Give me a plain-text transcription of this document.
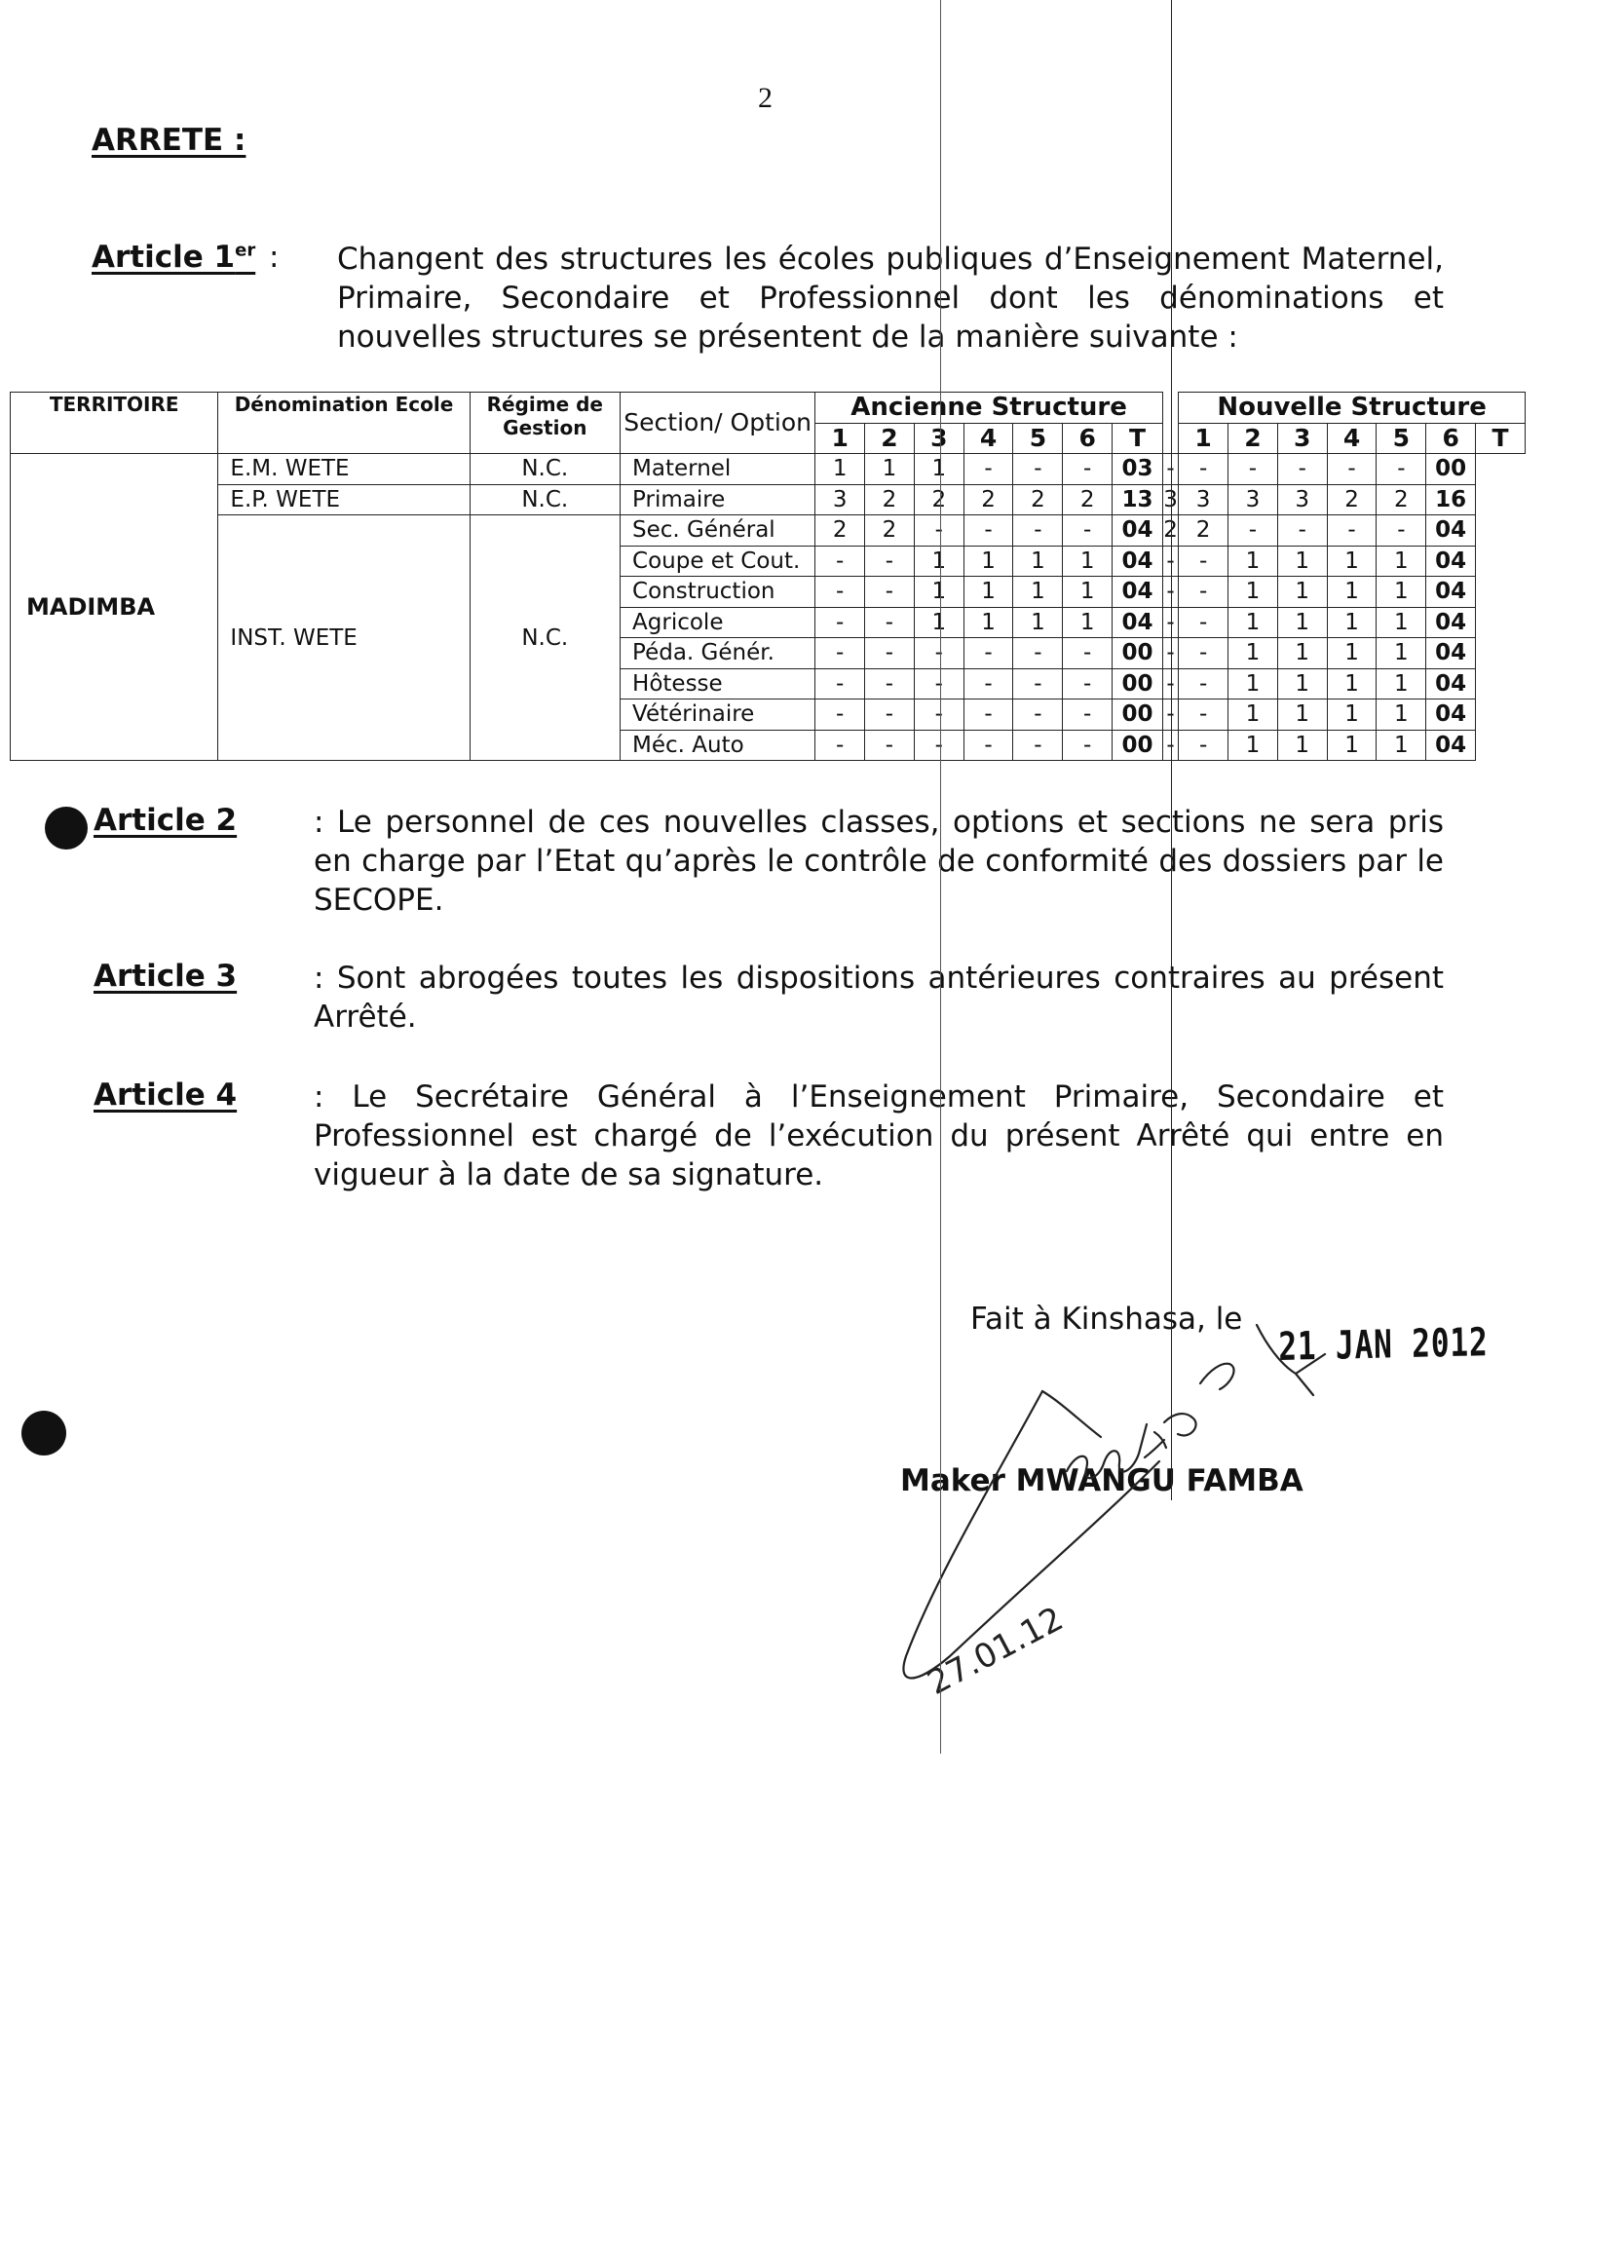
2
ARRETE :
Article 1er : Changent des structures les écoles publiques d’Enseignement Maternel, Primaire, Secondaire et Professionnel dont les dénominations et nouvelles structures se présentent de la manière suivante :
TERRITOIRE	Dénomination Ecole	Régime de Gestion	Section/ Option	Ancienne Structure								Nouvelle Structure						
				1	2	3	4	5	6	T		1	2	3	4	5	6	T
MADIMBA	E.M. WETE	N.C.	Maternel	1	1	1	-	-	-	03	-	-	-	-	-	-	00	
	E.P. WETE	N.C.	Primaire	3	2	2	2	2	2	13	3	3	3	3	2	2	16	
	INST. WETE	N.C.	Sec. Général	2	2	-	-	-	-	04	2	2	-	-	-	-	04	
			Coupe et Cout.	-	-	1	1	1	1	04	-	-	1	1	1	1	04	
			Construction	-	-	1	1	1	1	04	-	-	1	1	1	1	04	
			Agricole	-	-	1	1	1	1	04	-	-	1	1	1	1	04	
			Péda. Génér.	-	-	-	-	-	-	00	-	-	1	1	1	1	04	
			Hôtesse	-	-	-	-	-	-	00	-	-	1	1	1	1	04	
			Vétérinaire	-	-	-	-	-	-	00	-	-	1	1	1	1	04	
			Méc. Auto	-	-	-	-	-	-	00	-	-	1	1	1	1	04	
Article 2	: Le personnel de ces nouvelles classes, options et sections ne sera pris en charge par l’Etat qu’après le contrôle de conformité des dossiers par le SECOPE.
Article 3	: Sont abrogées toutes les dispositions antérieures contraires au présent Arrêté.
Article 4	: Le Secrétaire Général à l’Enseignement Primaire, Secondaire et Professionnel est chargé de l’exécution du présent Arrêté qui entre en vigueur à la date de sa signature.
Fait à Kinshasa, le
21 JAN 2012
Maker MWANGU FAMBA
27.01.12
